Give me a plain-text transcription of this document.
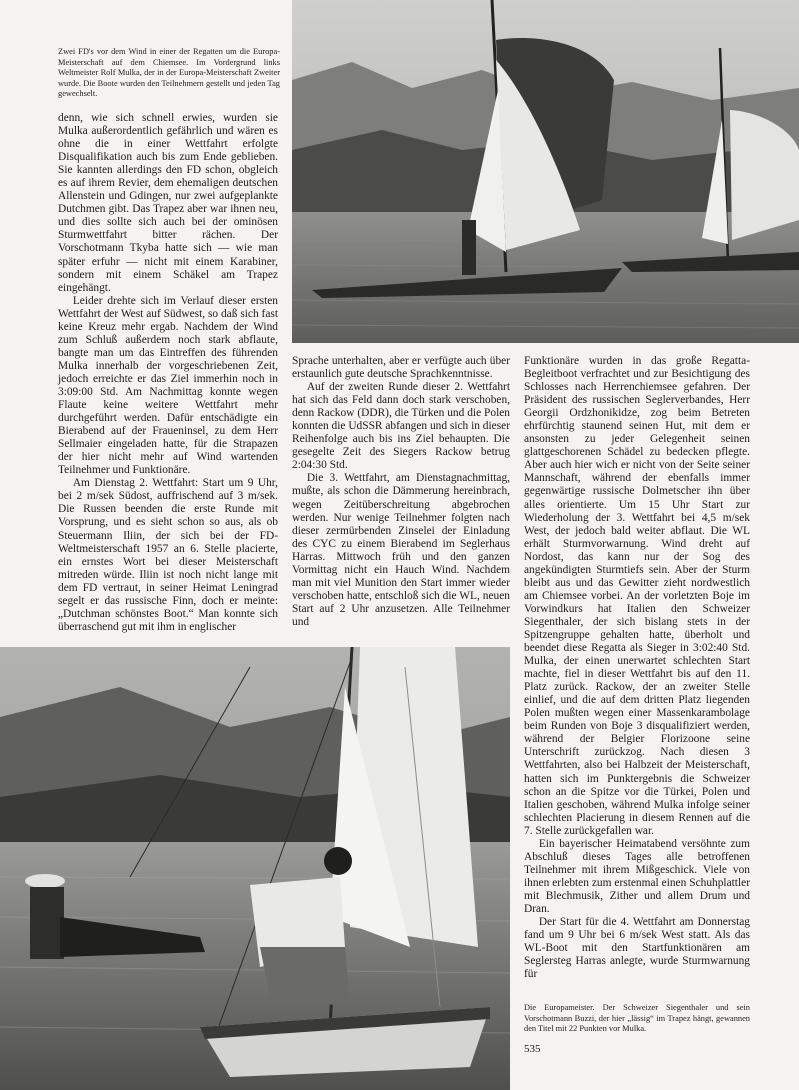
Zwei FD's vor dem Wind in einer der Regatten um die Europa-Meisterschaft auf dem Chiemsee. Im Vordergrund links Weltmeister Rolf Mulka, der in der Europa-Meisterschaft Zweiter wurde. Die Boote wurden den Teilnehmern gestellt und jeden Tag gewechselt.

denn, wie sich schnell erwies, wurden sie Mulka außerordentlich gefährlich und wären es ohne die in einer Wettfahrt erfolgte Disqualifikation auch bis zum Ende geblieben. Sie kannten allerdings den FD schon, obgleich es auf ihrem Revier, dem ehemaligen deutschen Allenstein und Gdingen, nur zwei aufgeplankte Dutchmen gibt. Das Trapez aber war ihnen neu, und dies sollte sich auch bei der ominösen Sturmwettfahrt bitter rächen. Der Vorschotmann Tkyba hatte sich — wie man später erfuhr — nicht mit einem Karabiner, sondern mit einem Schäkel am Trapez eingehängt.

Leider drehte sich im Verlauf dieser ersten Wettfahrt der West auf Südwest, so daß sich fast keine Kreuz mehr ergab. Nachdem der Wind zum Schluß außerdem noch stark abflaute, bangte man um das Eintreffen des führenden Mulka innerhalb der vorgeschriebenen Zeit, jedoch erreichte er das Ziel immerhin noch in 3:09:00 Std. Am Nachmittag konnte wegen Flaute keine weitere Wettfahrt mehr durchgeführt werden. Dafür entschädigte ein Bierabend auf der Fraueninsel, zu dem Herr Sellmaier eingeladen hatte, für die Strapazen der hier nicht mehr auf Wind wartenden Teilnehmer und Funktionäre.

Am Dienstag 2. Wettfahrt: Start um 9 Uhr, bei 2 m/sek Südost, auffrischend auf 3 m/sek. Die Russen beenden die erste Runde mit Vorsprung, und es sieht schon so aus, als ob Steuermann Iliin, der sich bei der FD-Weltmeisterschaft 1957 an 6. Stelle placierte, ein ernstes Wort bei dieser Meisterschaft mitreden würde. Iliin ist noch nicht lange mit dem FD vertraut, in seiner Heimat Leningrad segelt er das russische Finn, doch er meinte: „Dutchman schönstes Boot.“ Man konnte sich überraschend gut mit ihm in englischer

Sprache unterhalten, aber er verfügte auch über erstaunlich gute deutsche Sprachkenntnisse.

Auf der zweiten Runde dieser 2. Wettfahrt hat sich das Feld dann doch stark verschoben, denn Rackow (DDR), die Türken und die Polen konnten die UdSSR abfangen und sich in dieser Reihenfolge auch bis ins Ziel behaupten. Die gesegelte Zeit des Siegers Rackow betrug 2:04:30 Std.

Die 3. Wettfahrt, am Dienstagnachmittag, mußte, als schon die Dämmerung hereinbrach, wegen Zeitüberschreitung abgebrochen werden. Nur wenige Teilnehmer folgten nach dieser zermürbenden Zinselei der Einladung des CYC zu einem Bierabend im Seglerhaus Harras. Mittwoch früh und den ganzen Vormittag nicht ein Hauch Wind. Nachdem man mit viel Munition den Start immer wieder verschoben hatte, entschloß sich die WL, neuen Start auf 2 Uhr anzusetzen. Alle Teilnehmer und

Funktionäre wurden in das große Regatta-Begleitboot verfrachtet und zur Besichtigung des Schlosses nach Herrenchiemsee gefahren. Der Präsident des russischen Seglerverbandes, Herr Georgii Ordzhonikidze, zog beim Betreten ehrfürchtig staunend seinen Hut, mit dem er ansonsten zu jeder Gelegenheit seinen glattgeschorenen Schädel zu bedecken pflegte. Aber auch hier wich er nicht von der Seite seiner Mannschaft, während der ebenfalls immer gegenwärtige russische Dolmetscher ihn über alles orientierte. Um 15 Uhr Start zur Wiederholung der 3. Wettfahrt bei 4,5 m/sek West, der jedoch bald weiter abflaut. Die WL erhält Sturmvorwarnung. Wind dreht auf Nordost, das kann nur der Sog des angekündigten Sturmtiefs sein. Aber der Sturm bleibt aus und das Gewitter zieht nordwestlich am Chiemsee vorbei. An der vorletzten Boje im Vorwindkurs hat Italien den Schweizer Siegenthaler, der sich bislang stets in der Spitzengruppe gehalten hatte, überholt und beendet diese Regatta als Sieger in 3:02:40 Std. Mulka, der einen unerwartet schlechten Start machte, fiel in dieser Wettfahrt bis auf den 11. Platz zurück. Rackow, der an zweiter Stelle einlief, und die auf dem dritten Platz liegenden Polen mußten wegen einer Massenkarambolage beim Runden von Boje 3 disqualifiziert werden, während der Belgier Florizoone seine Unterschrift zurückzog. Nach diesen 3 Wettfahrten, also bei Halbzeit der Meisterschaft, hatten sich im Punktergebnis die Schweizer schon an die Spitze vor die Türkei, Polen und Italien geschoben, während Mulka infolge seiner schlechten Placierung in diesem Rennen auf die 7. Stelle zurückgefallen war.

Ein bayerischer Heimatabend versöhnte zum Abschluß dieses Tages alle betroffenen Teilnehmer mit ihrem Mißgeschick. Viele von ihnen erlebten zum erstenmal einen Schuhplattler mit Blechmusik, Zither und allem Drum und Dran.

Der Start für die 4. Wettfahrt am Donnerstag fand um 9 Uhr bei 6 m/sek West statt. Als das WL-Boot mit den Startfunktionären am Seglersteg Harras anlegte, wurde Sturmwarnung für

Die Europameister. Der Schweizer Siegenthaler und sein Vorschotmann Buzzi, der hier „lässig“ im Trapez hängt, gewannen den Titel mit 22 Punkten vor Mulka.

535
